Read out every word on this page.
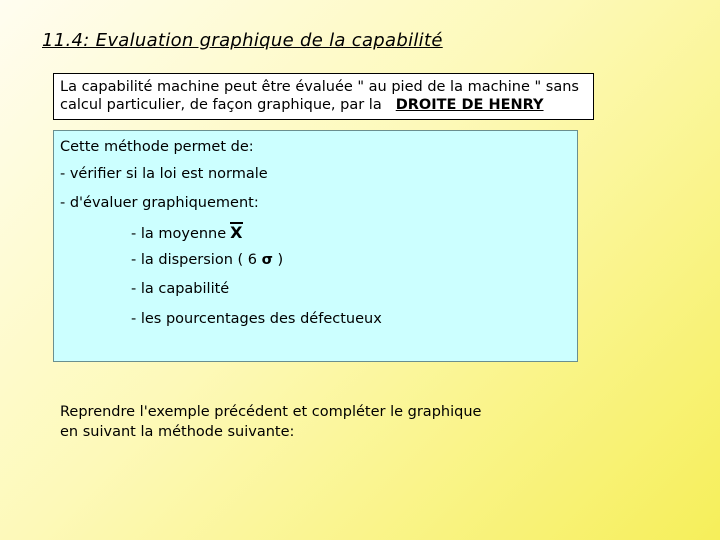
11.4: Evaluation graphique de la capabilité
La capabilité machine peut être évaluée " au pied de la machine " sans
calcul particulier, de façon graphique, par la DROITE DE HENRY
Cette méthode permet de:
- vérifier si la loi est normale
- d'évaluer graphiquement:
- la moyenne X
- la dispersion ( 6 σ )
- la capabilité
- les pourcentages des défectueux
Reprendre l'exemple précédent et compléter le graphique
en suivant la méthode suivante:
